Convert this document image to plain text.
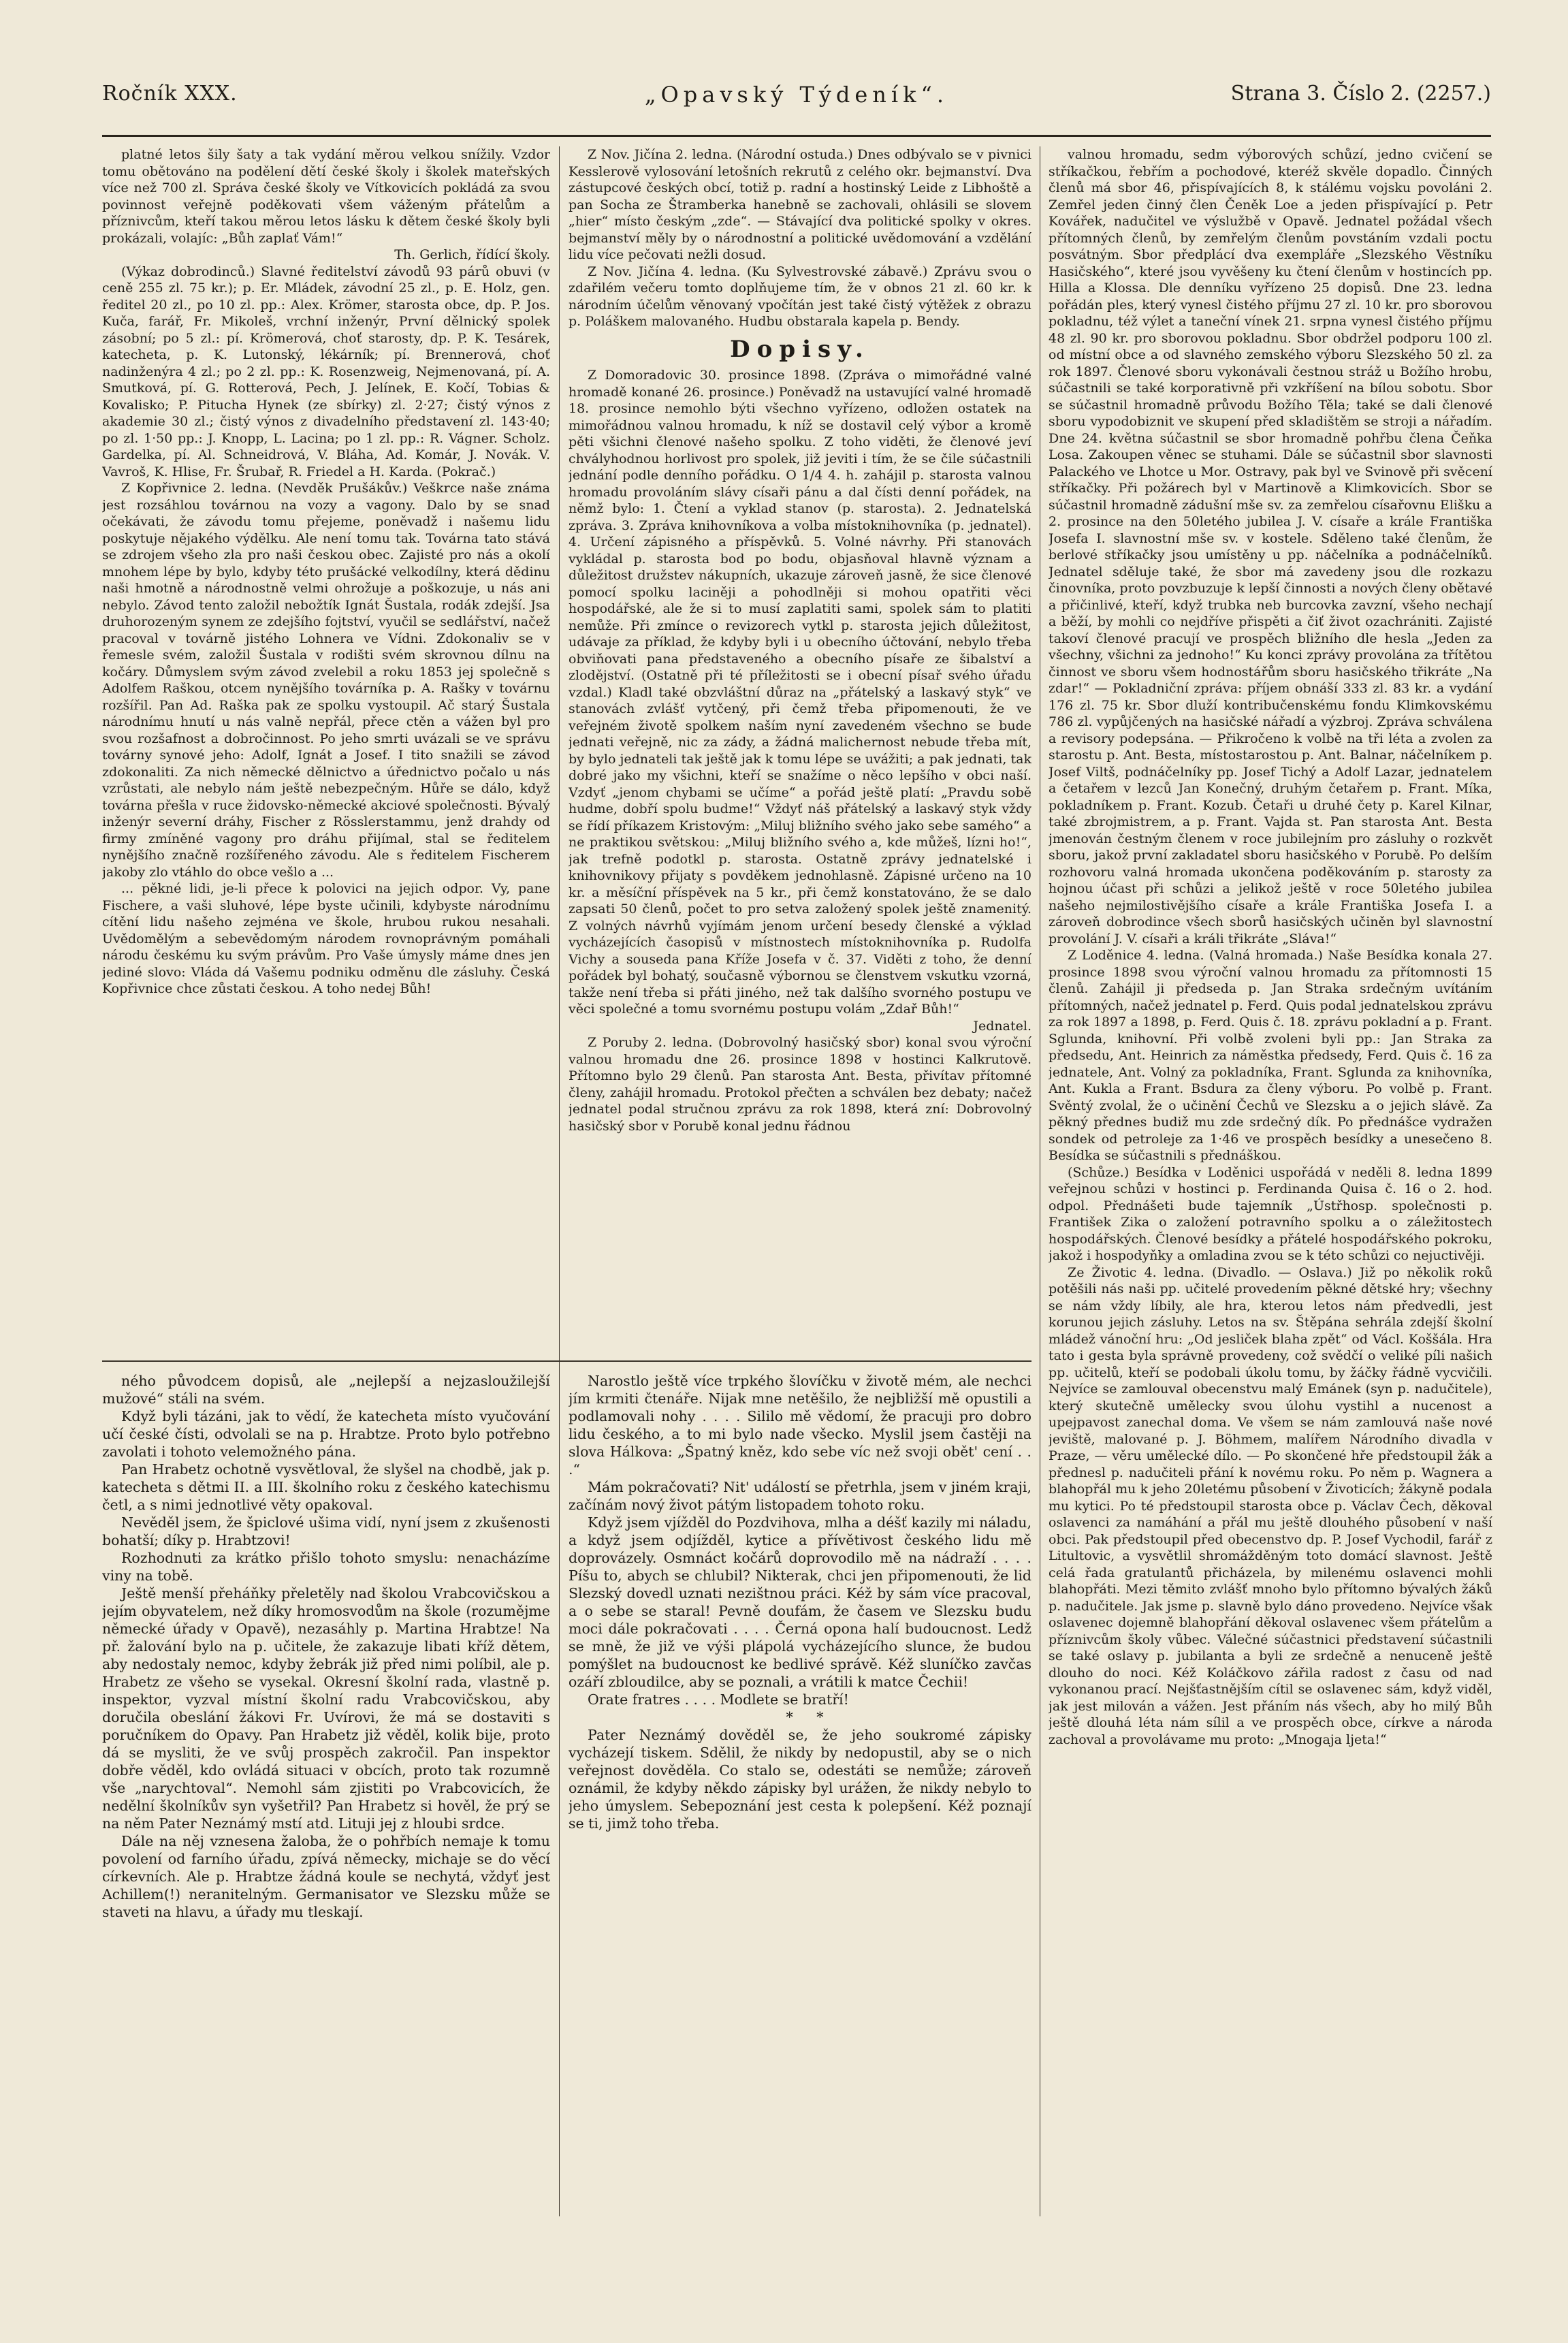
Ročník XXX.	„Opavský Týdeník“.	Strana 3. Číslo 2. (2257.)

platné letos šily šaty a tak vydání měrou velkou snížily. Vzdor tomu obětováno na podělení dětí české školy i školek mateřských více než 700 zl. Správa české školy ve Vítkovicích pokládá za svou povinnost veřejně poděkovati všem váženým přátelům a příznivcům, kteří takou měrou letos lásku k dětem české školy byli prokázali, volajíc: „Bůh zaplať Vám!“

Th. Gerlich, řídící školy.

(Výkaz dobrodinců.) Slavné ředitelství závodů 93 párů obuvi (v ceně 255 zl. 75 kr.); p. Er. Mládek, závodní 25 zl., p. E. Holz, gen. ředitel 20 zl., po 10 zl. pp.: Alex. Krömer, starosta obce, dp. P. Jos. Kuča, farář, Fr. Mikoleš, vrchní inženýr, První dělnický spolek zásobní; po 5 zl.: pí. Krömerová, choť starosty, dp. P. K. Tesárek, katecheta, p. K. Lutonský, lékárník; pí. Brennerová, choť nadinženýra 4 zl.; po 2 zl. pp.: K. Rosenzweig, Nejmenovaná, pí. A. Smutková, pí. G. Rotterová, Pech, J. Jelínek, E. Kočí, Tobias & Kovalisko; P. Pitucha Hynek (ze sbírky) zl. 2·27; čistý výnos z akademie 30 zl.; čistý výnos z divadelního představení zl. 143·40; po zl. 1·50 pp.: J. Knopp, L. Lacina; po 1 zl. pp.: R. Vágner. Scholz. Gardelka, pí. Al. Schneidrová, V. Bláha, Ad. Komár, J. Novák. V. Vavroš, K. Hlise, Fr. Šrubař, R. Friedel a H. Karda. (Pokrač.)

Z Kopřivnice 2. ledna. (Nevděk Prušákův.) Veškrce naše známa jest rozsáhlou továrnou na vozy a vagony. Dalo by se snad očekávati, že závodu tomu přejeme, poněvadž i našemu lidu poskytuje nějakého výdělku. Ale není tomu tak. Továrna tato stává se zdrojem všeho zla pro naši českou obec. Zajisté pro nás a okolí mnohem lépe by bylo, kdyby této prušácké velkodílny, která dědinu naši hmotně a národnostně velmi ohrožuje a poškozuje, u nás ani nebylo. Závod tento založil nebožtík Ignát Šustala, rodák zdejší. Jsa druhorozeným synem ze zdejšího fojtství, vyučil se sedlářství, načež pracoval v továrně jistého Lohnera ve Vídni. Zdokonaliv se v řemesle svém, založil Šustala v rodišti svém skrovnou dílnu na kočáry. Důmyslem svým závod zvelebil a roku 1853 jej společně s Adolfem Raškou, otcem nynějšího továrníka p. A. Rašky v továrnu rozšířil. Pan Ad. Raška pak ze spolku vystoupil. Ač starý Šustala národnímu hnutí u nás valně nepřál, přece ctěn a vážen byl pro svou rozšafnost a dobročinnost. Po jeho smrti uvázali se ve správu továrny synové jeho: Adolf, Ignát a Josef. I tito snažili se závod zdokonaliti. Za nich německé dělnictvo a úřednictvo počalo u nás vzrůstati, ale nebylo nám ještě nebezpečným. Hůře se dálo, když továrna přešla v ruce židovsko-německé akciové společnosti. Bývalý inženýr severní dráhy, Fischer z Rösslerstammu, jenž drahdy od firmy zmíněné vagony pro dráhu přijímal, stal se ředitelem nynějšího značně rozšířeného závodu. Ale s ředitelem Fischerem jakoby zlo vtáhlo do obce vešlo a ...

... pěkné lidi, je-li přece k polovici na jejich odpor. Vy, pane Fischere, a vaši sluhové, lépe byste učinili, kdybyste národnímu cítění lidu našeho zejména ve škole, hrubou rukou nesahali. Uvědomělým a sebevědomým národem rovnoprávným pomáhali národu českému ku svým právům. Pro Vaše úmysly máme dnes jen jediné slovo: Vláda dá Vašemu podniku odměnu dle zásluhy. Česká Kopřivnice chce zůstati českou. A toho nedej Bůh!

ného původcem dopisů, ale „nejlepší a nejzasloužilejší mužové“ stáli na svém.

Když byli tázáni, jak to vědí, že katecheta místo vyučování učí české čísti, odvolali se na p. Hrabtze. Proto bylo potřebno zavolati i tohoto velemožného pána.

Pan Hrabetz ochotně vysvětloval, že slyšel na chodbě, jak p. katecheta s dětmi II. a III. školního roku z českého katechismu četl, a s nimi jednotlivé věty opakoval.

Nevěděl jsem, že špiclové ušima vidí, nyní jsem z zkušenosti bohatší; díky p. Hrabtzovi!

Rozhodnuti za krátko přišlo tohoto smyslu: nenacházíme viny na tobě.

Ještě menší přeháňky přeletěly nad školou Vrabcovičskou a jejím obyvatelem, než díky hromosvodům na škole (rozumějme německé úřady v Opavě), nezasáhly p. Martina Hrabtze! Na př. žalování bylo na p. učitele, že zakazuje libati kříž dětem, aby nedostaly nemoc, kdyby žebrák již před nimi políbil, ale p. Hrabetz ze všeho se vysekal. Okresní školní rada, vlastně p. inspektor, vyzval místní školní radu Vrabcovičskou, aby doručila obeslání žákovi Fr. Uvírovi, že má se dostaviti s poručníkem do Opavy. Pan Hrabetz již věděl, kolik bije, proto dá se mysliti, že ve svůj prospěch zakročil. Pan inspektor dobře věděl, kdo ovládá situaci v obcích, proto tak rozumně vše „narychtoval“. Nemohl sám zjistiti po Vrabcovicích, že nedělní školníkův syn vyšetřil? Pan Hrabetz si hověl, že prý se na něm Pater Neznámý mstí atd. Lituji jej z hloubi srdce.

Dále na něj vznesena žaloba, že o pohřbích nemaje k tomu povolení od farního úřadu, zpívá německy, michaje se do věcí církevních. Ale p. Hrabtze žádná koule se nechytá, vždyť jest Achillem(!) neranitelným. Germanisator ve Slezsku může se staveti na hlavu, a úřady mu tleskají.

Z Nov. Jičína 2. ledna. (Národní ostuda.) Dnes odbývalo se v pivnici Kesslerově vylosování letošních rekrutů z celého okr. bejmanství. Dva zástupcové českých obcí, totiž p. radní a hostinský Leide z Libhoště a pan Socha ze Štramberka hanebně se zachovali, ohlásili se slovem „hier“ místo českým „zde“. — Stávající dva politické spolky v okres. bejmanství měly by o národnostní a politické uvědomování a vzdělání lidu více pečovati nežli dosud.

Z Nov. Jičína 4. ledna. (Ku Sylvestrovské zábavě.) Zprávu svou o zdařilém večeru tomto doplňujeme tím, že v obnos 21 zl. 60 kr. k národním účelům věnovaný vpočítán jest také čistý výtěžek z obrazu p. Poláškem malovaného. Hudbu obstarala kapela p. Bendy.

Dopisy.

Z Domoradovic 30. prosince 1898. (Zpráva o mimořádné valné hromadě konané 26. prosince.) Poněvadž na ustavující valné hromadě 18. prosince nemohlo býti všechno vyřízeno, odložen ostatek na mimořádnou valnou hromadu, k níž se dostavil celý výbor a kromě pěti všichni členové našeho spolku. Z toho viděti, že členové jeví chvályhodnou horlivost pro spolek, již jeviti i tím, že se čile súčastnili jednání podle denního pořádku. O 1/4 4. h. zahájil p. starosta valnou hromadu provoláním slávy císaři pánu a dal čísti denní pořádek, na němž bylo: 1. Čtení a vyklad stanov (p. starosta). 2. Jednatelská zpráva. 3. Zpráva knihovníkova a volba místoknihovníka (p. jednatel). 4. Určení zápisného a příspěvků. 5. Volné návrhy. Při stanovách vykládal p. starosta bod po bodu, objasňoval hlavně význam a důležitost družstev nákupních, ukazuje zároveň jasně, že sice členové pomocí spolku laciněji a pohodlněji si mohou opatřiti věci hospodářské, ale že si to musí zaplatiti sami, spolek sám to platiti nemůže. Při zmínce o revizorech vytkl p. starosta jejich důležitost, udávaje za příklad, že kdyby byli i u obecního účtování, nebylo třeba obviňovati pana představeného a obecního písaře ze šibalství a zlodějství. (Ostatně při té příležitosti se i obecní písař svého úřadu vzdal.) Kladl také obzvláštní důraz na „přátelský a laskavý styk“ ve stanovách zvlášť vytčený, při čemž třeba připomenouti, že ve veřejném životě spolkem naším nyní zavedeném všechno se bude jednati veřejně, nic za zády, a žádná malichernost nebude třeba mít, by bylo jednateli tak ještě jak k tomu lépe se uvážiti; a pak jednati, tak dobré jako my všichni, kteří se snažíme o něco lepšího v obci naší. Vzdyť „jenom chybami se učíme“ a pořád ještě platí: „Pravdu sobě hudme, dobří spolu budme!“ Vždyť náš přátelský a laskavý styk vždy se řídí příkazem Kristovým: „Miluj bližního svého jako sebe samého“ a ne praktikou světskou: „Miluj bližního svého a, kde můžeš, lízni ho!“, jak trefně podotkl p. starosta. Ostatně zprávy jednatelské i knihovnikovy přijaty s povděkem jednohlasně. Zápisné určeno na 10 kr. a měsíční příspěvek na 5 kr., při čemž konstatováno, že se dalo zapsati 50 členů, počet to pro setva založený spolek ještě znamenitý. Z volných návrhů vyjímám jenom určení besedy členské a výklad vycházejících časopisů v místnostech místoknihovníka p. Rudolfa Vichy a souseda pana Kříže Josefa v č. 37. Viděti z toho, že denní pořádek byl bohatý, současně výbornou se členstvem vskutku vzorná, takže není třeba si přáti jiného, než tak dalšího svorného postupu ve věci společné a tomu svornému postupu volám „Zdař Bůh!“

Jednatel.

Z Poruby 2. ledna. (Dobrovolný hasičský sbor) konal svou výroční valnou hromadu dne 26. prosince 1898 v hostinci Kalkrutově. Přítomno bylo 29 členů. Pan starosta Ant. Besta, přivítav přítomné členy, zahájil hromadu. Protokol přečten a schválen bez debaty; načež jednatel podal stručnou zprávu za rok 1898, která zní: Dobrovolný hasičský sbor v Porubě konal jednu řádnou

Narostlo ještě více trpkého šlovíčku v životě mém, ale nechci jím krmiti čtenáře. Nijak mne netěšilo, že nejbližší mě opustili a podlamovali nohy . . . . Sililo mě vědomí, že pracuji pro dobro lidu českého, a to mi bylo nade všecko. Myslil jsem častěji na slova Hálkova: „Špatný kněz, kdo sebe víc než svoji obět' cení . . .“

Mám pokračovati? Nit' událostí se přetrhla, jsem v jiném kraji, začínám nový život pátým listopadem tohoto roku.

Když jsem vjížděl do Pozdvihova, mlha a déšť kazily mi náladu, a když jsem odjížděl, kytice a přívětivost českého lidu mě doprovázely. Osmnáct kočárů doprovodilo mě na nádraží . . . . Píšu to, abych se chlubil? Nikterak, chci jen připomenouti, že lid Slezský dovedl uznati nezištnou práci. Kéž by sám více pracoval, a o sebe se staral! Pevně doufám, že časem ve Slezsku budu moci dále pokračovati . . . . Černá opona halí budoucnost. Ledž se mně, že již ve výši plápolá vycházejícího slunce, že budou pomýšlet na budoucnost ke bedlivé správě. Kéž sluníčko zavčas ozáří zbloudilce, aby se poznali, a vrátili k matce Čechii!

Orate fratres . . . . Modlete se bratří!

* *

Pater Neznámý dověděl se, že jeho soukromé zápisky vycházejí tiskem. Sdělil, že nikdy by nedopustil, aby se o nich veřejnost dověděla. Co stalo se, odestáti se nemůže; zároveň oznámil, že kdyby někdo zápisky byl urážen, že nikdy nebylo to jeho úmyslem. Sebepoznání jest cesta k polepšení. Kéž poznají se ti, jimž toho třeba.

valnou hromadu, sedm výborových schůzí, jedno cvičení se stříkačkou, řebřím a pochodové, kteréž skvěle dopadlo. Činných členů má sbor 46, přispívajících 8, k stálému vojsku povoláni 2. Zemřel jeden činný člen Čeněk Loe a jeden přispívající p. Petr Kovářek, nadučitel ve výslužbě v Opavě. Jednatel požádal všech přítomných členů, by zemřelým členům povstáním vzdali poctu posvátným. Sbor předplácí dva exempláře „Slezského Věstníku Hasičského“, které jsou vyvěšeny ku čtení členům v hostincích pp. Hilla a Klossa. Dle denníku vyřízeno 25 dopisů. Dne 23. ledna pořádán ples, který vynesl čistého příjmu 27 zl. 10 kr. pro sborovou pokladnu, též výlet a taneční vínek 21. srpna vynesl čistého příjmu 48 zl. 90 kr. pro sborovou pokladnu. Sbor obdržel podporu 100 zl. od místní obce a od slavného zemského výboru Slezského 50 zl. za rok 1897. Členové sboru vykonávali čestnou stráž u Božího hrobu, súčastnili se také korporativně při vzkříšení na bílou sobotu. Sbor se súčastnil hromadně průvodu Božího Těla; také se dali členové sboru vypodobiznit ve skupení před skladištěm se stroji a nářadím. Dne 24. května súčastnil se sbor hromadně pohřbu člena Čeňka Losa. Zakoupen věnec se stuhami. Dále se súčastnil sbor slavnosti Palackého ve Lhotce u Mor. Ostravy, pak byl ve Svinově při svěcení stříkačky. Při požárech byl v Martinově a Klimkovicích. Sbor se súčastnil hromadně zádušní mše sv. za zemřelou císařovnu Elišku a 2. prosince na den 50letého jubilea J. V. císaře a krále Františka Josefa I. slavnostní mše sv. v kostele. Sděleno také členům, že berlové stříkačky jsou umístěny u pp. náčelníka a podnáčelníků. Jednatel sděluje také, že sbor má zavedeny jsou dle rozkazu činovníka, proto povzbuzuje k lepší činnosti a nových členy obětavé a přičinlivé, kteří, když trubka neb burcovka zavzní, všeho nechají a běží, by mohli co nejdříve přispěti a čiť život ozachrániti. Zajisté takoví členové pracují ve prospěch bližního dle hesla „Jeden za všechny, všichni za jednoho!“ Ku konci zprávy provolána za třítětou činnost ve sboru všem hodnostářům sboru hasičského třikráte „Na zdar!“ — Pokladniční zpráva: příjem obnáší 333 zl. 83 kr. a vydání 176 zl. 75 kr. Sbor dluží kontribučenskému fondu Klimkovskému 786 zl. vypůjčených na hasičské nářadí a výzbroj. Zpráva schválena a revisory podepsána. — Přikročeno k volbě na tři léta a zvolen za starostu p. Ant. Besta, místostarostou p. Ant. Balnar, náčelníkem p. Josef Viltš, podnáčelníky pp. Josef Tichý a Adolf Lazar, jednatelem a četařem v lezců Jan Konečný, druhým četařem p. Frant. Míka, pokladníkem p. Frant. Kozub. Četaři u druhé čety p. Karel Kilnar, také zbrojmistrem, a p. Frant. Vajda st. Pan starosta Ant. Besta jmenován čestným členem v roce jubilejním pro zásluhy o rozkvět sboru, jakož první zakladatel sboru hasičského v Porubě. Po delším rozhovoru valná hromada ukončena poděkováním p. starosty za hojnou účast při schůzi a jelikož ještě v roce 50letého jubilea našeho nejmilostivějšího císaře a krále Františka Josefa I. a zároveň dobrodince všech sborů hasičských učiněn byl slavnostní provolání J. V. císaři a králi třikráte „Sláva!“

Z Loděnice 4. ledna. (Valná hromada.) Naše Besídka konala 27. prosince 1898 svou výroční valnou hromadu za přítomnosti 15 členů. Zahájil ji předseda p. Jan Straka srdečným uvítáním přítomných, načež jednatel p. Ferd. Quis podal jednatelskou zprávu za rok 1897 a 1898, p. Ferd. Quis č. 18. zprávu pokladní a p. Frant. Sglunda, knihovní. Při volbě zvoleni byli pp.: Jan Straka za předsedu, Ant. Heinrich za náměstka předsedy, Ferd. Quis č. 16 za jednatele, Ant. Volný za pokladníka, Frant. Sglunda za knihovníka, Ant. Kukla a Frant. Bsdura za členy výboru. Po volbě p. Frant. Svěntý zvolal, že o učinění Čechů ve Slezsku a o jejich slávě. Za pěkný přednes budiž mu zde srdečný dík. Po přednášce vydražen sondek od petroleje za 1·46 ve prospěch besídky a unesečeno 8. Besídka se súčastnili s přednáškou.

(Schůze.) Besídka v Loděnici uspořádá v neděli 8. ledna 1899 veřejnou schůzi v hostinci p. Ferdinanda Quisa č. 16 o 2. hod. odpol. Přednášeti bude tajemník „Ústřhosp. společnosti p. František Zika o založení potravního spolku a o záležitostech hospodářských. Členové besídky a přátelé hospodářského pokroku, jakož i hospodyňky a omladina zvou se k této schůzi co nejuctivěji.

Ze Životic 4. ledna. (Divadlo. — Oslava.) Již po několik roků potěšili nás naši pp. učitelé provedením pěkné dětské hry; všechny se nám vždy líbily, ale hra, kterou letos nám předvedli, jest korunou jejich zásluhy. Letos na sv. Štěpána sehrála zdejší školní mládež vánoční hru: „Od jesliček blaha zpět“ od Václ. Koššála. Hra tato i gesta byla správně provedeny, což svědčí o veliké píli našich pp. učitelů, kteří se podobali úkolu tomu, by žáčky řádně vycvičili. Nejvíce se zamlouval obecenstvu malý Emánek (syn p. nadučitele), který skutečně umělecky svou úlohu vystihl a nucenost a upejpavost zanechal doma. Ve všem se nám zamlouvá naše nové jeviště, malované p. J. Böhmem, malířem Národního divadla v Praze, — věru umělecké dílo. — Po skončené hře předstoupil žák a přednesl p. nadučiteli přání k novému roku. Po něm p. Wagnera a blahopřál mu k jeho 20letému působení v Životicích; žákyně podala mu kytici. Po té předstoupil starosta obce p. Václav Čech, děkoval oslavenci za namáhání a přál mu ještě dlouhého působení v naší obci. Pak předstoupil před obecenstvo dp. P. Josef Vychodil, farář z Litultovic, a vysvětlil shromážděným toto domácí slavnost. Ještě celá řada gratulantů přicházela, by milenému oslavenci mohli blahopřáti. Mezi těmito zvlášť mnoho bylo přítomno bývalých žáků p. nadučitele. Jak jsme p. slavně bylo dáno provedeno. Nejvíce však oslavenec dojemně blahopřání děkoval oslavenec všem přátelům a příznivcům školy vůbec. Válečné súčastnici představení súčastnili se také oslavy p. jubilanta a byli ze srdečně a nenuceně ještě dlouho do noci. Kéž Koláčkovo zářila radost z času od nad vykonanou prací. Nejšťastnějším cítil se oslavenec sám, když viděl, jak jest milován a vážen. Jest přáním nás všech, aby ho milý Bůh ještě dlouhá léta nám sílil a ve prospěch obce, církve a národa zachoval a provolávame mu proto: „Mnogaja ljeta!“
